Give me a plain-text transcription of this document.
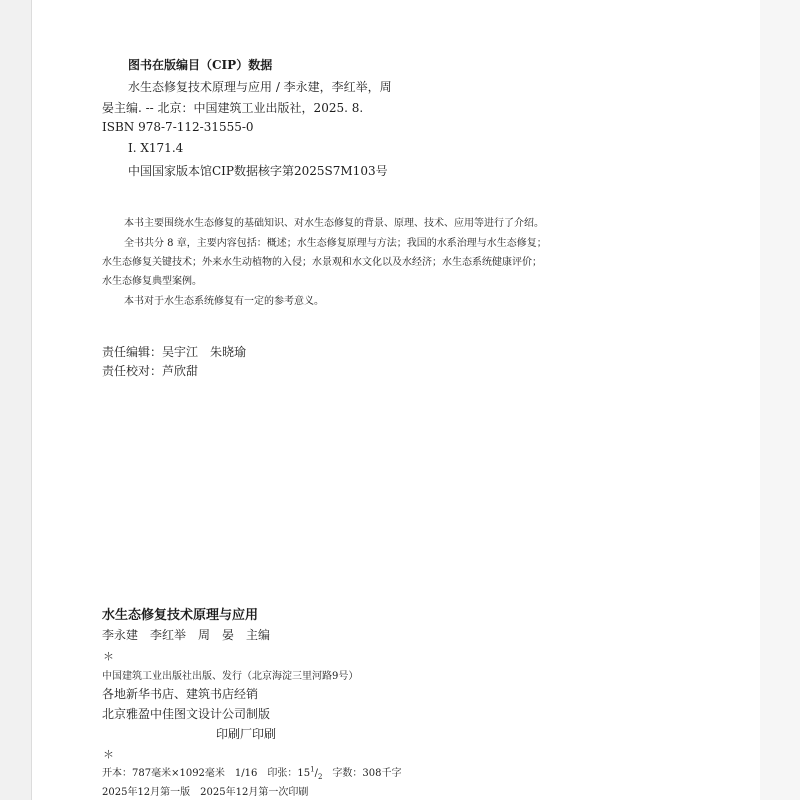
图书在版编目（CIP）数据
水生态修复技术原理与应用 / 李永建，李红举，周
晏主编. -- 北京：中国建筑工业出版社，2025. 8.
ISBN 978-7-112-31555-0
Ⅰ. X171.4
中国国家版本馆CIP数据核字第2025S7M103号
本书主要围绕水生态修复的基础知识、对水生态修复的背景、原理、技术、应用等进行了介绍。
全书共分 8 章，主要内容包括：概述；水生态修复原理与方法；我国的水系治理与水生态修复；
水生态修复关键技术；外来水生动植物的入侵；水景观和水文化以及水经济；水生态系统健康评价；
水生态修复典型案例。
本书对于水生态系统修复有一定的参考意义。
责任编辑：吴宇江　朱晓瑜
责任校对：芦欣甜
水生态修复技术原理与应用
李永建　李红举　周　晏　主编
＊
中国建筑工业出版社出版、发行（北京海淀三里河路9号）
各地新华书店、建筑书店经销
北京雅盈中佳图文设计公司制版
印刷厂印刷
＊
开本：787毫米×1092毫米　1/16　印张：$15^1/_2$　字数：308千字
2025年12月第一版　2025年12月第一次印刷
